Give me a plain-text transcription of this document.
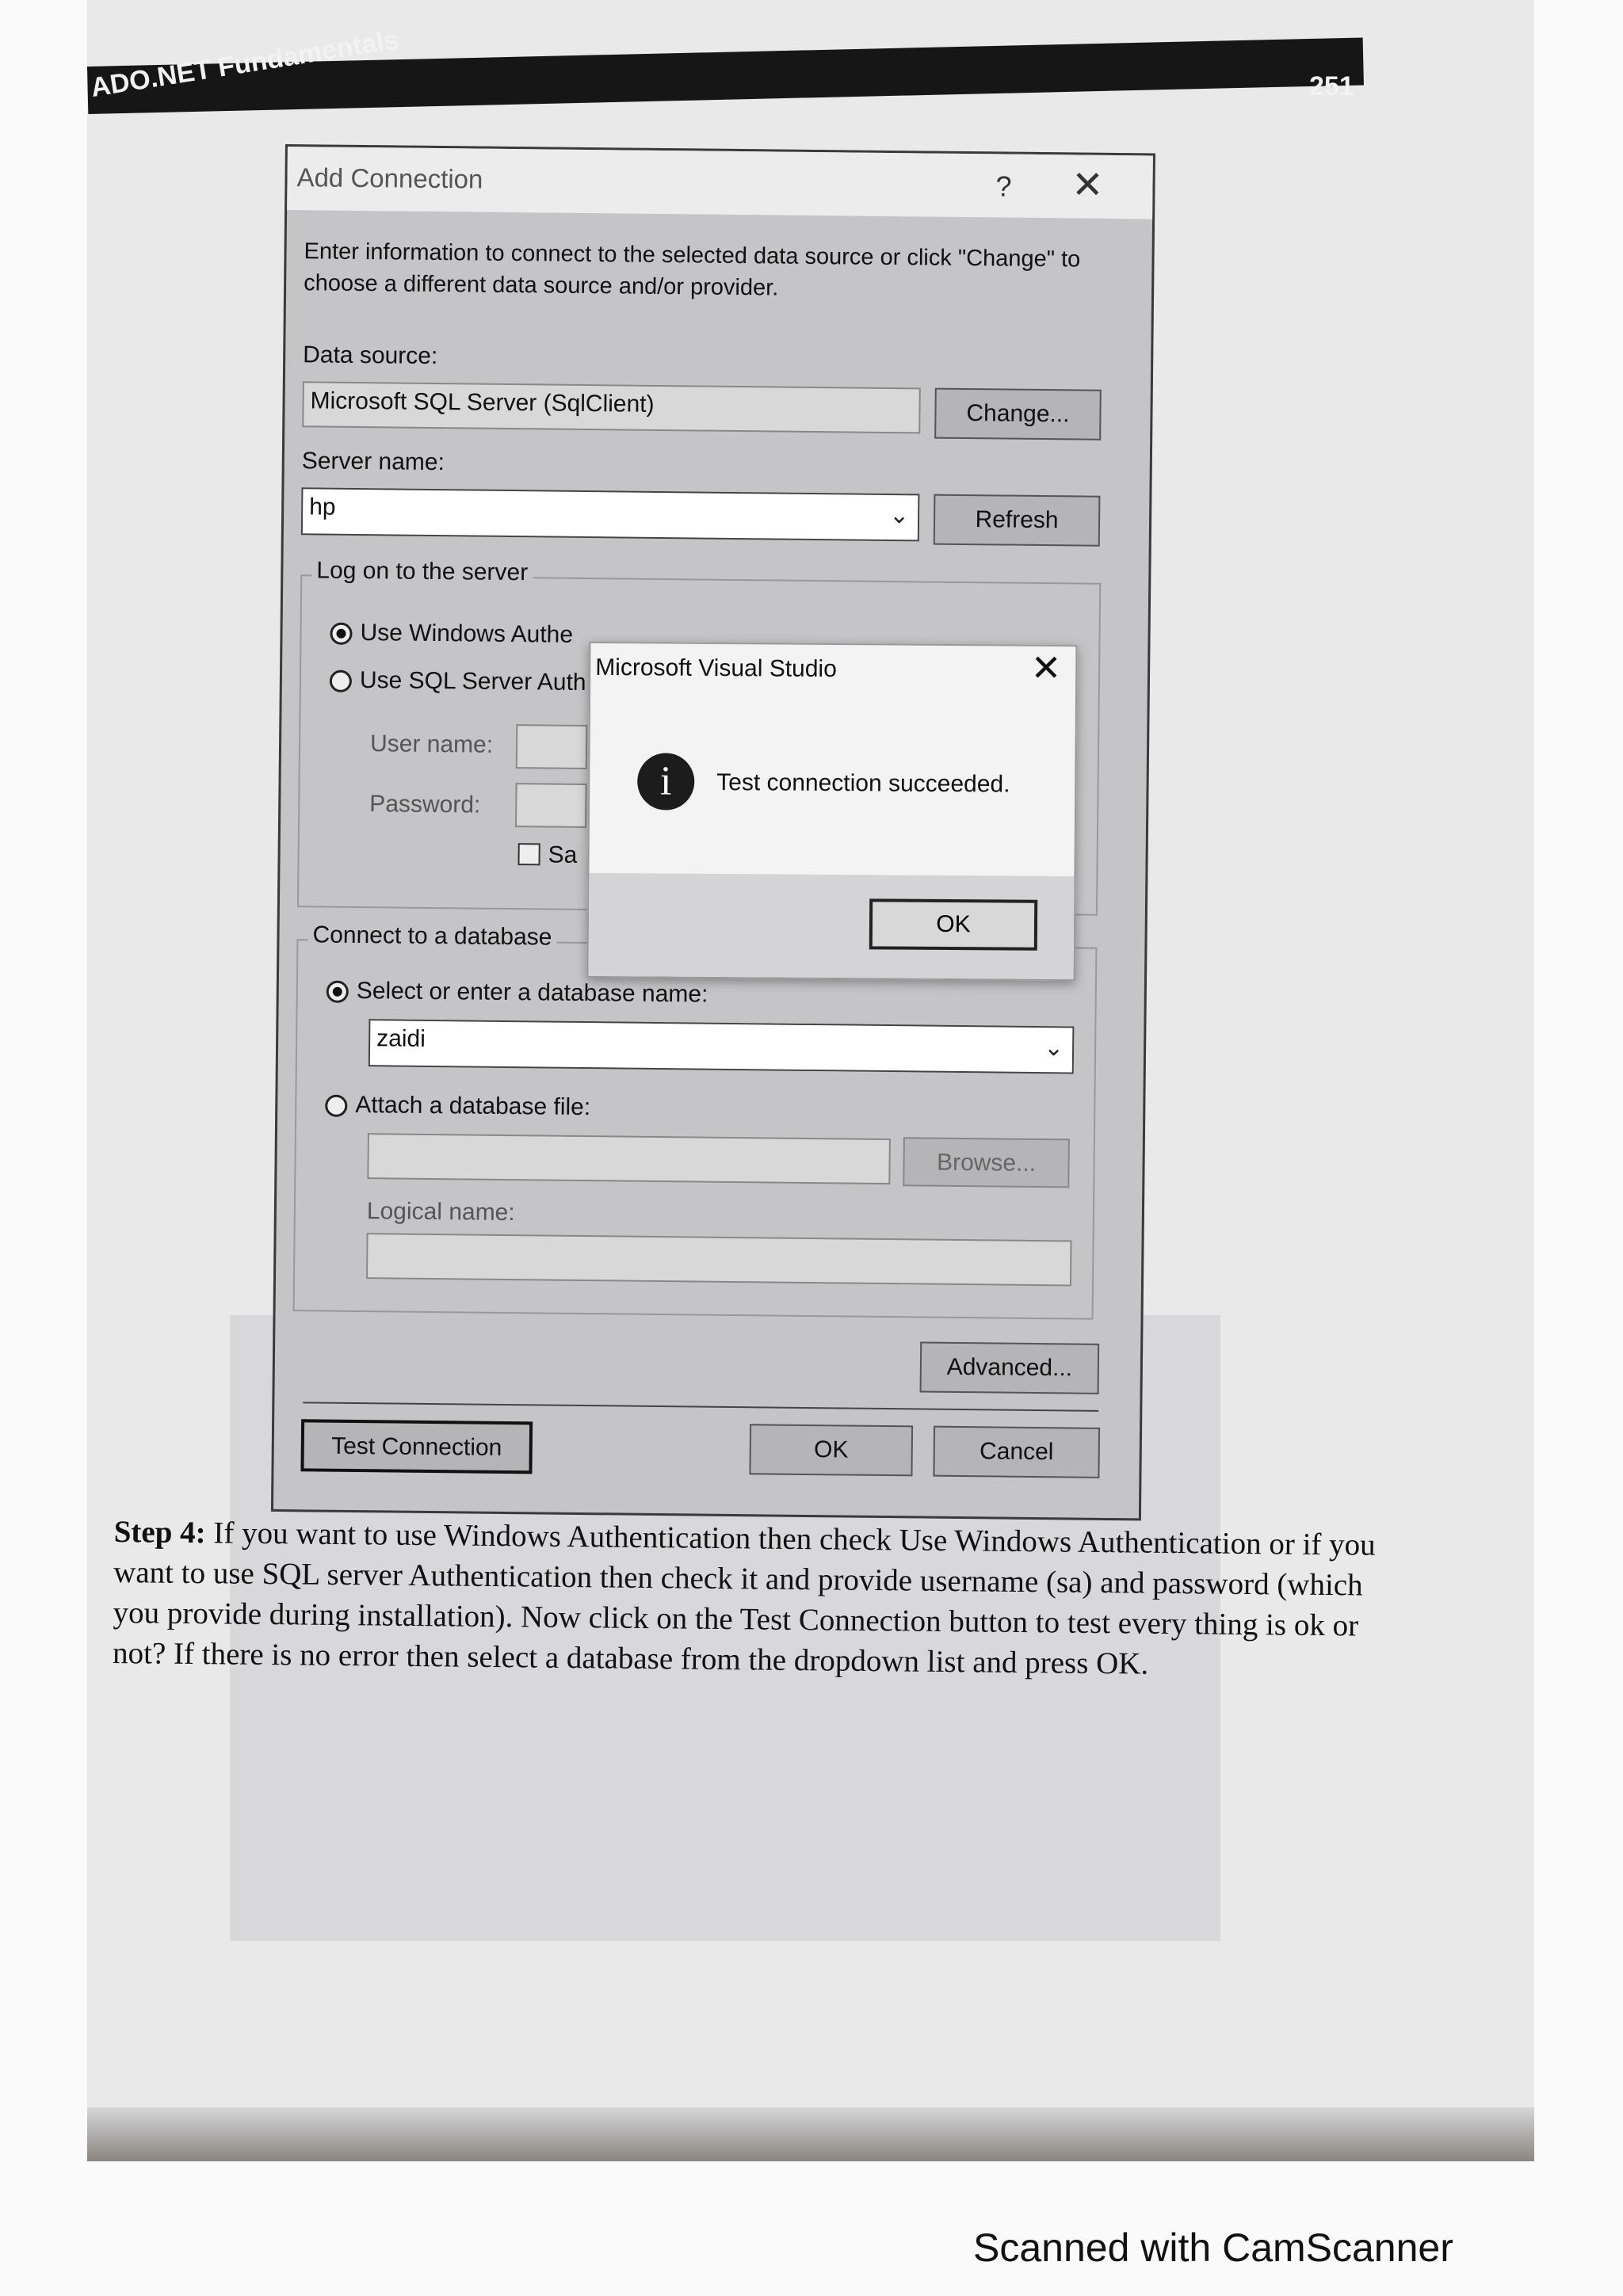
ADO.NET Fundamentals	251
Add Connection	? ✕
Enter information to connect to the selected data source or click "Change" to choose a different data source and/or provider.
Data source:
Microsoft SQL Server (SqlClient)	Change...
Server name:
hp	⌄	Refresh
Log on to the server
Use Windows Authe
Use SQL Server Auth
User name:
Password:
Sa
Connect to a database
Select or enter a database name:
zaidi	⌄
Attach a database file:
Browse...
Logical name:
Advanced...
Test Connection	OK	Cancel
Microsoft Visual Studio	✕
i	Test connection succeeded.
OK
Step 4: If you want to use Windows Authentication then check Use Windows Authentication or if you want to use SQL server Authentication then check it and provide username (sa) and password (which you provide during installation). Now click on the Test Connection button to test every thing is ok or not? If there is no error then select a database from the dropdown list and press OK.
Scanned with CamScanner
